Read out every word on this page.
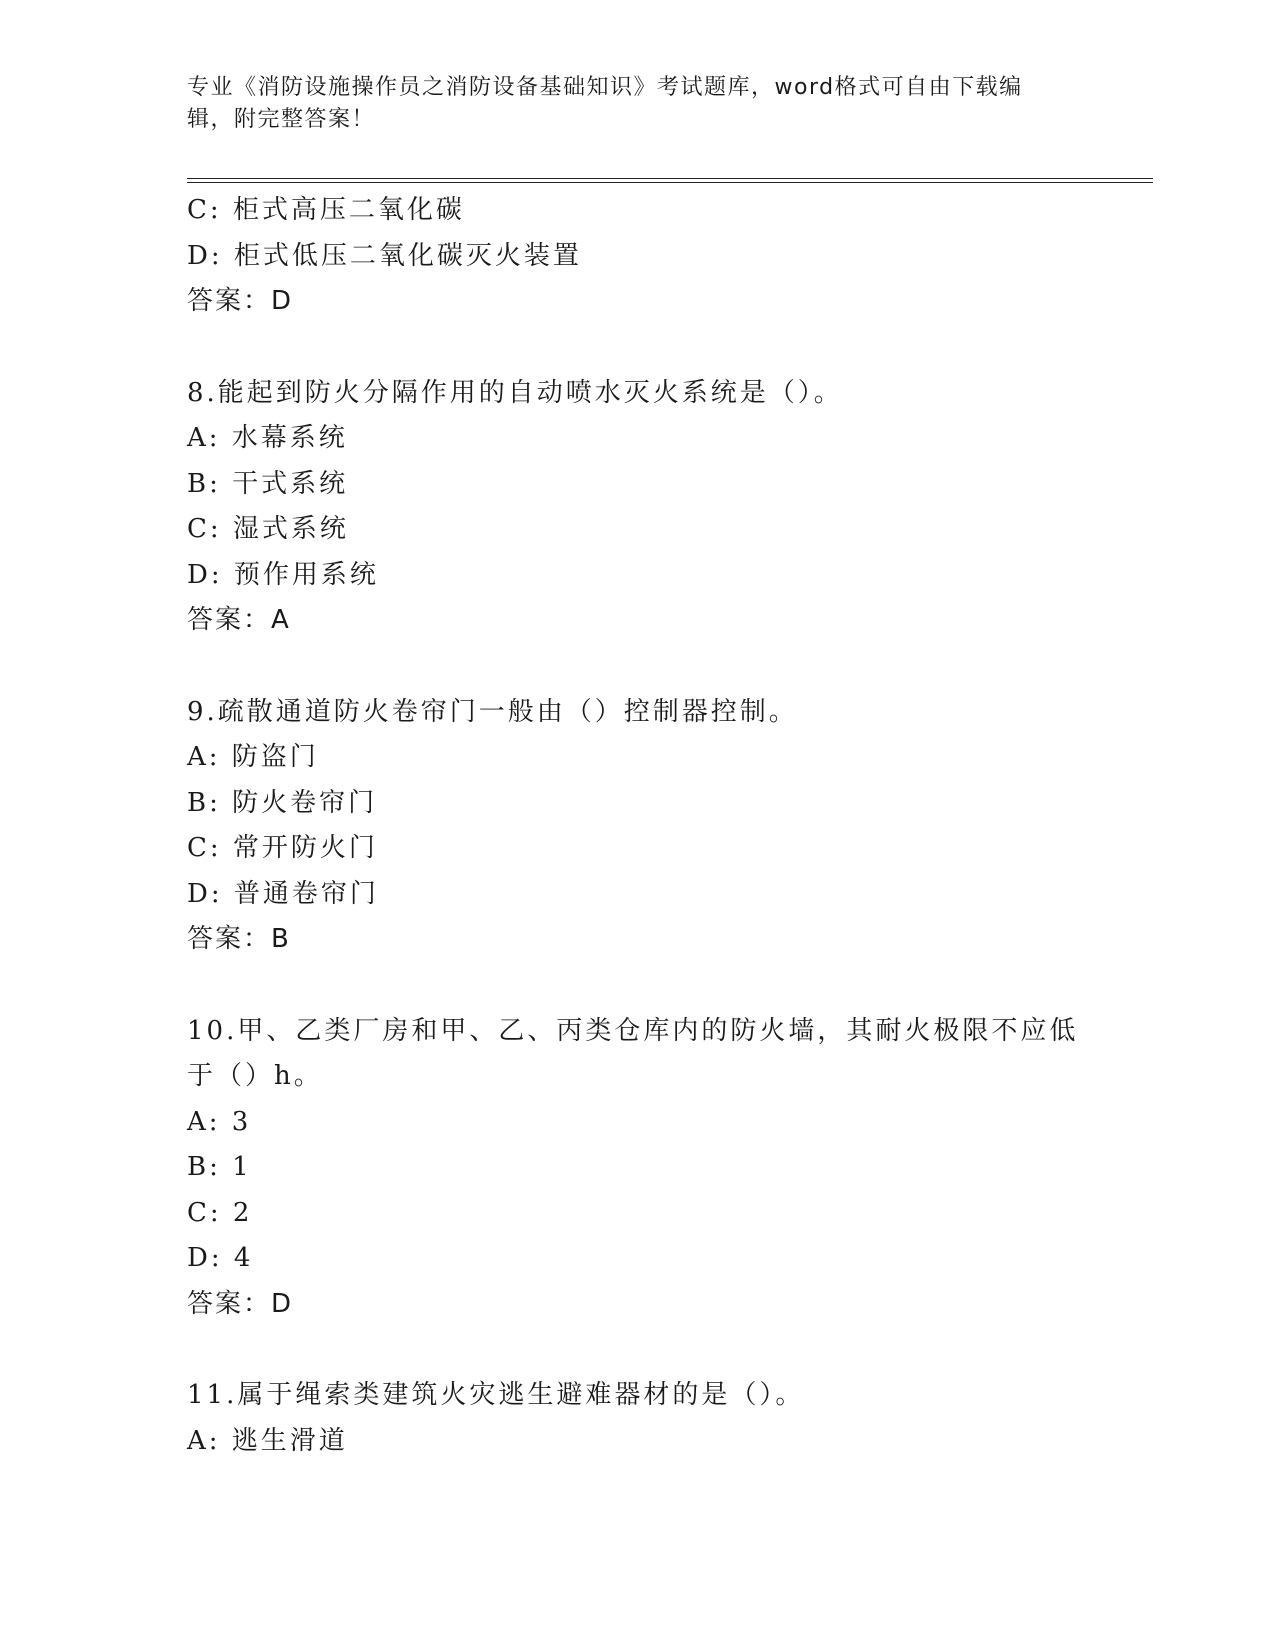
专业《消防设施操作员之消防设备基础知识》考试题库，word格式可自由下载编
辑，附完整答案！
C: 柜式高压二氧化碳
D: 柜式低压二氧化碳灭火装置
答案：D
8.能起到防火分隔作用的自动喷水灭火系统是（）。
A: 水幕系统
B: 干式系统
C: 湿式系统
D: 预作用系统
答案：A
9.疏散通道防火卷帘门一般由（）控制器控制。
A: 防盗门
B: 防火卷帘门
C: 常开防火门
D: 普通卷帘门
答案：B
10.甲、乙类厂房和甲、乙、丙类仓库内的防火墙，其耐火极限不应低
于（）h。
A: 3
B: 1
C: 2
D: 4
答案：D
11.属于绳索类建筑火灾逃生避难器材的是（）。
A: 逃生滑道
